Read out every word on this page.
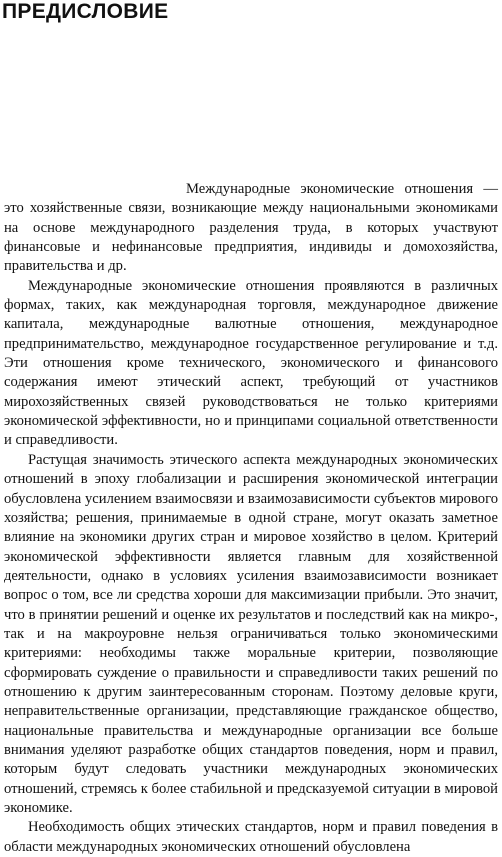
ПРЕДИСЛОВИЕ

Международные экономические отношения — это хозяйственные связи, возникающие между национальными экономиками на основе международного разделения труда, в которых участвуют финансовые и нефинансовые предприятия, индивиды и домохозяйства, правительства и др.

Международные экономические отношения проявляются в различных формах, таких, как международная торговля, международное движение капитала, международные валютные отношения, международное предпринимательство, международное государственное регулирование и т.д. Эти отношения кроме технического, экономического и финансового содержания имеют этический аспект, требующий от участников мирохозяйственных связей руководствоваться не только критериями экономической эффективности, но и принципами социальной ответственности и справедливости.

Растущая значимость этического аспекта международных экономических отношений в эпоху глобализации и расширения экономической интеграции обусловлена усилением взаимосвязи и взаимозависимости субъектов мирового хозяйства; решения, принимаемые в одной стране, могут оказать заметное влияние на экономики других стран и мировое хозяйство в целом. Критерий экономической эффективности является главным для хозяйственной деятельности, однако в условиях усиления взаимозависимости возникает вопрос о том, все ли средства хороши для максимизации прибыли. Это значит, что в принятии решений и оценке их результатов и последствий как на микро-, так и на макроуровне нельзя ограничиваться только экономическими критериями: необходимы также моральные критерии, позволяющие сформировать суждение о правильности и справедливости таких решений по отношению к другим заинтересованным сторонам. Поэтому деловые круги, неправительственные организации, представляющие гражданское общество, национальные правительства и международные организации все больше внимания уделяют разработке общих стандартов поведения, норм и правил, которым будут следовать участники международных экономических отношений, стремясь к более стабильной и предсказуемой ситуации в мировой экономике.

Необходимость общих этических стандартов, норм и правил поведения в области международных экономических отношений обусловлена
